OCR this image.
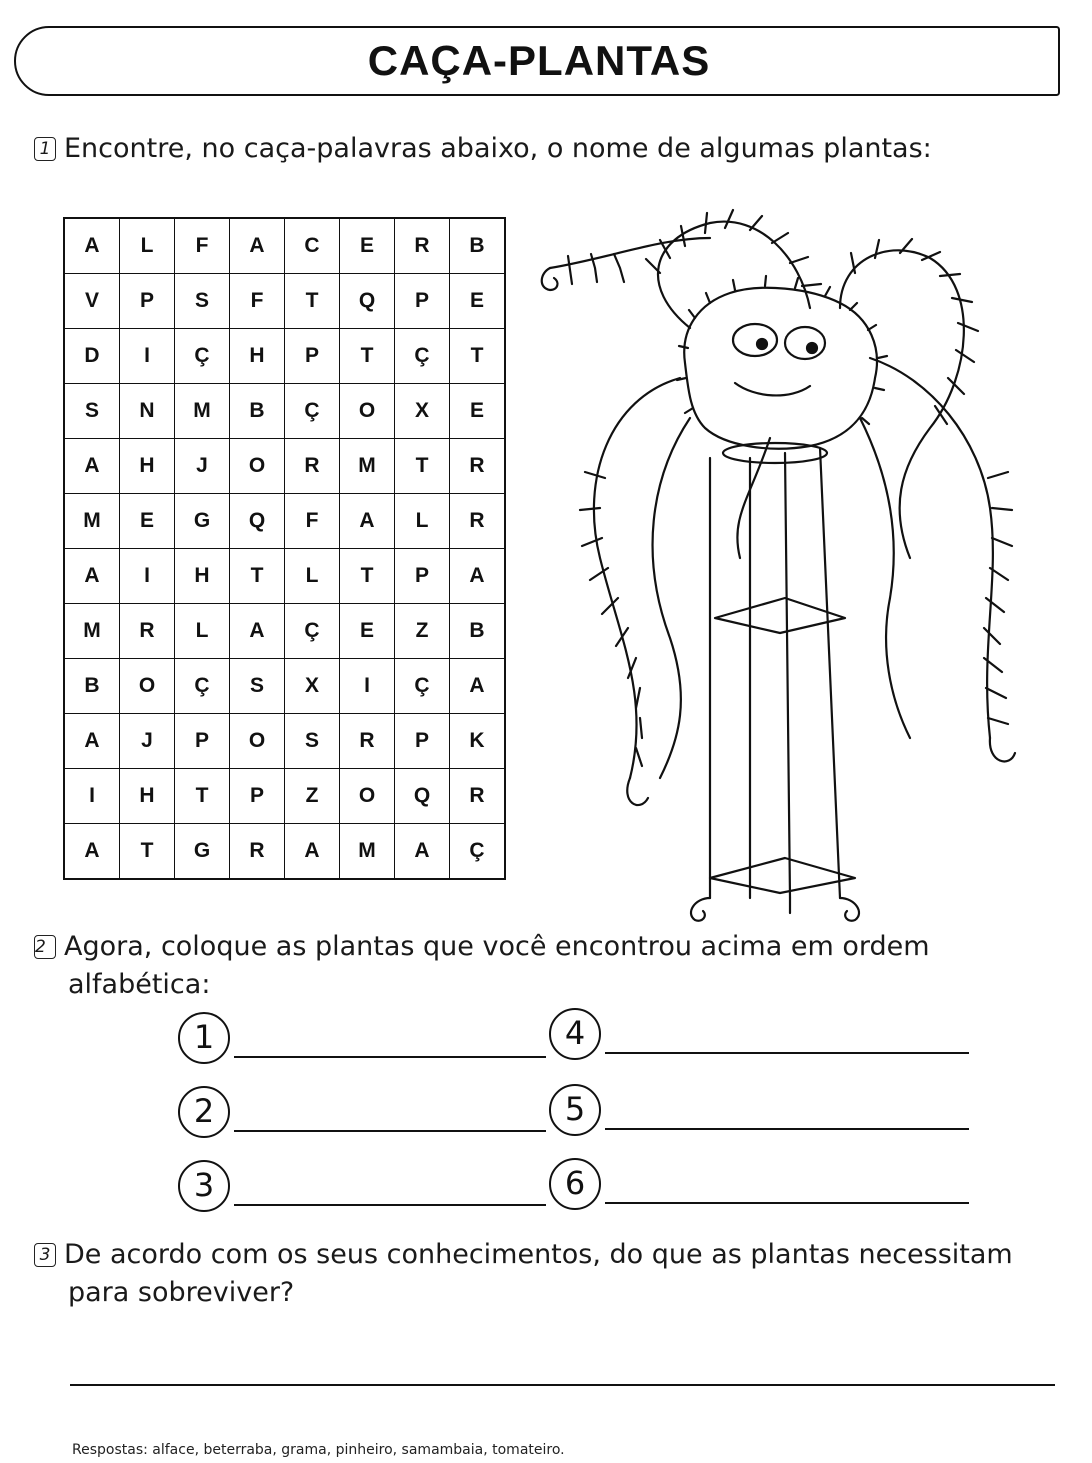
CAÇA-PLANTAS
1 Encontre, no caça-palavras abaixo, o nome de algumas plantas:
A	L	F	A	C	E	R	B
V	P	S	F	T	Q	P	E
D	I	Ç	H	P	T	Ç	T
S	N	M	B	Ç	O	X	E
A	H	J	O	R	M	T	R
M	E	G	Q	F	A	L	R
A	I	H	T	L	T	P	A
M	R	L	A	Ç	E	Z	B
B	O	Ç	S	X	I	Ç	A
A	J	P	O	S	R	P	K
I	H	T	P	Z	O	Q	R
A	T	G	R	A	M	A	Ç
2 Agora, coloque as plantas que você encontrou acima em ordem
alfabética:
1
2
3
4
5
6
3 De acordo com os seus conhecimentos, do que as plantas necessitam
para sobreviver?
Respostas: alface, beterraba, grama, pinheiro, samambaia, tomateiro.
